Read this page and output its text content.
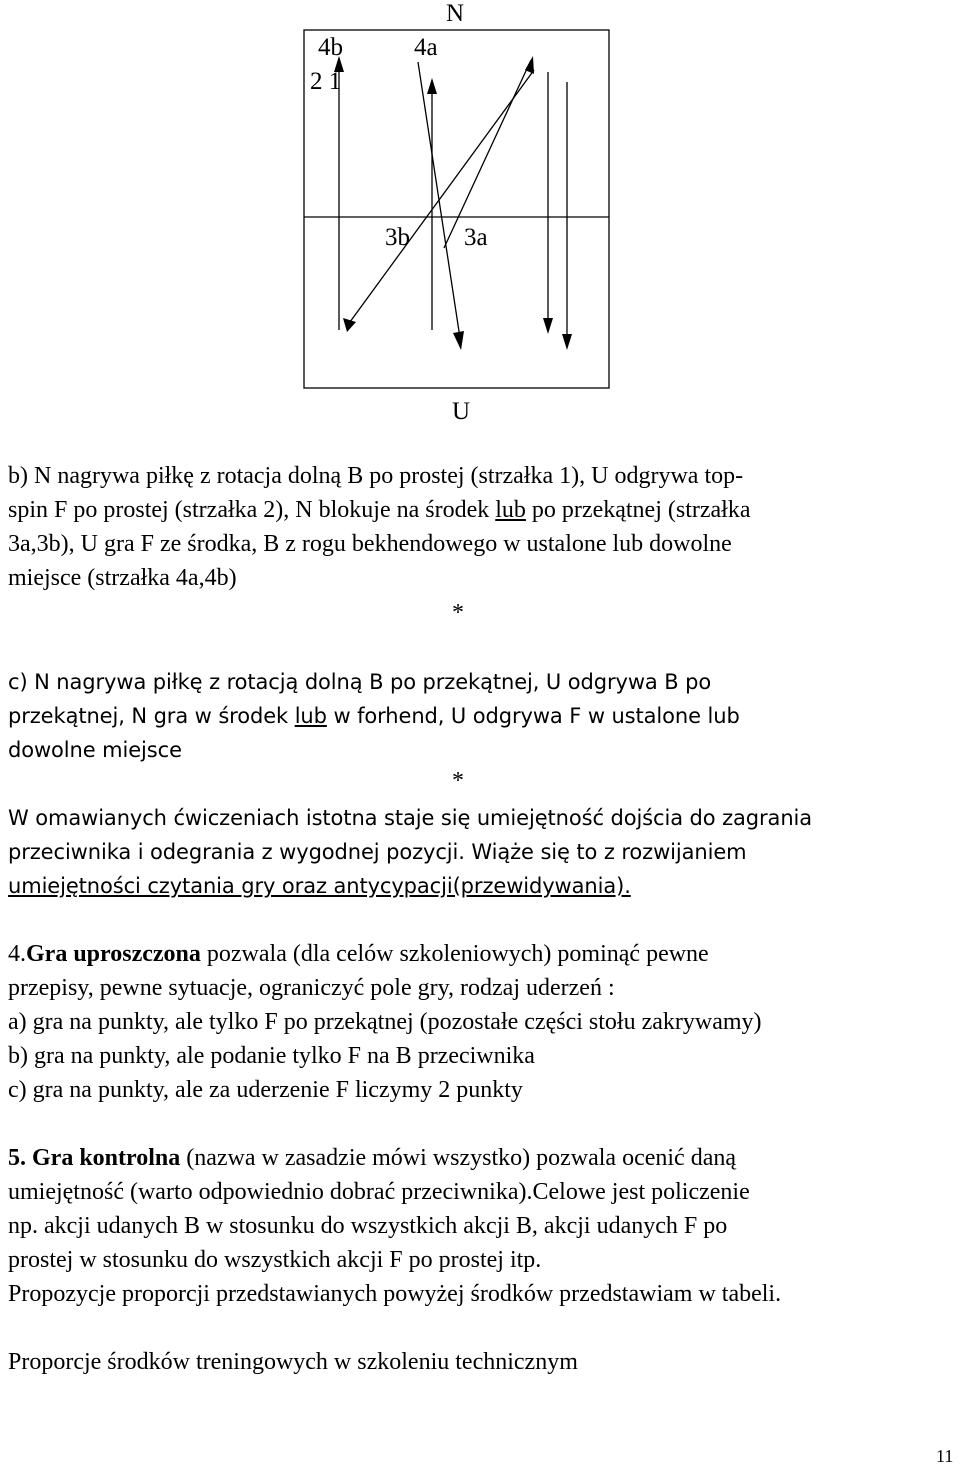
N
4b	4a
2 1
3b 3a
U
b) N nagrywa piłkę z rotacja dolną B po prostej (strzałka 1), U odgrywa top-
spin F po prostej (strzałka 2), N blokuje na środek lub po przekątnej (strzałka
3a,3b), U gra F ze środka, B z rogu bekhendowego w ustalone lub dowolne
miejsce (strzałka 4a,4b)
*
c) N nagrywa piłkę z rotacją dolną B po przekątnej, U odgrywa B po
przekątnej, N gra w środek lub w forhend, U odgrywa F w ustalone lub
dowolne miejsce
*
W omawianych ćwiczeniach istotna staje się umiejętność dojścia do zagrania
przeciwnika i odegrania z wygodnej pozycji. Wiąże się to z rozwijaniem
umiejętności czytania gry oraz antycypacji(przewidywania).
4.Gra uproszczona pozwala (dla celów szkoleniowych) pominąć pewne
przepisy, pewne sytuacje, ograniczyć pole gry, rodzaj uderzeń :
a) gra na punkty, ale tylko F po przekątnej (pozostałe części stołu zakrywamy)
b) gra na punkty, ale podanie tylko F na B przeciwnika
c) gra na punkty, ale za uderzenie F liczymy 2 punkty
5. Gra kontrolna (nazwa w zasadzie mówi wszystko) pozwala ocenić daną
umiejętność (warto odpowiednio dobrać przeciwnika).Celowe jest policzenie
np. akcji udanych B w stosunku do wszystkich akcji B, akcji udanych F po
prostej w stosunku do wszystkich akcji F po prostej itp.
Propozycje proporcji przedstawianych powyżej środków przedstawiam w tabeli.
Proporcje środków treningowych w szkoleniu technicznym
11
